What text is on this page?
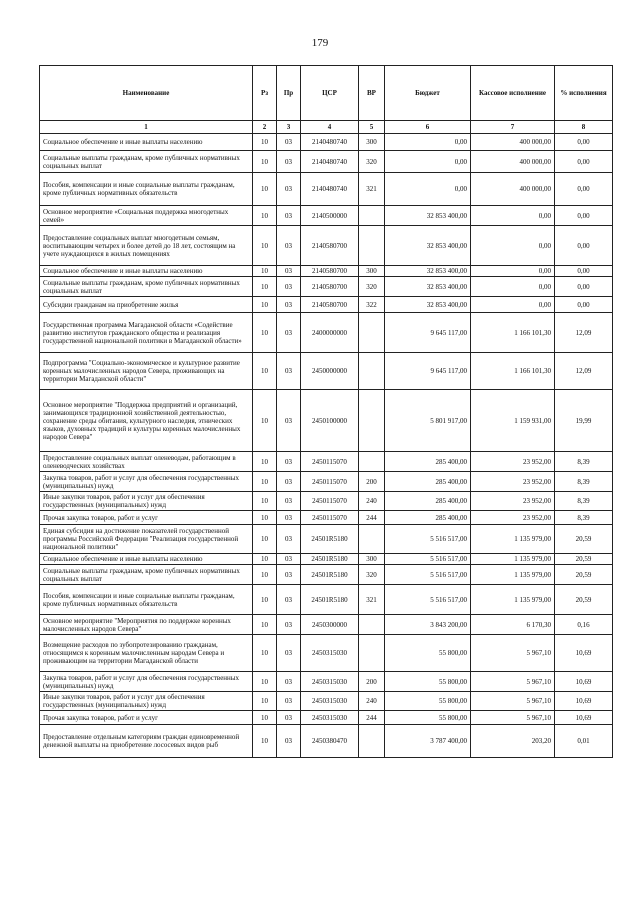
179
Наименование	Рз	Пр	ЦСР	ВР	Бюджет	Кассовое исполнение	% исполнения
1	2	3	4	5	6	7	8
Социальное обеспечение и иные выплаты населению	10	03	2140480740	300	0,00	400 000,00	0,00
Социальные выплаты гражданам, кроме публичных нормативных социальных выплат	10	03	2140480740	320	0,00	400 000,00	0,00
Пособия, компенсации и иные социальные выплаты гражданам, кроме публичных нормативных обязательств	10	03	2140480740	321	0,00	400 000,00	0,00
Основное мероприятие «Социальная поддержка многодетных семей»	10	03	2140500000		32 853 400,00	0,00	0,00
Предоставление социальных выплат многодетным семьям, воспитывающим четырех и более детей до 18 лет, состоящим на учете нуждающихся в жилых помещениях	10	03	2140580700		32 853 400,00	0,00	0,00
Социальное обеспечение и иные выплаты населению	10	03	2140580700	300	32 853 400,00	0,00	0,00
Социальные выплаты гражданам, кроме публичных нормативных социальных выплат	10	03	2140580700	320	32 853 400,00	0,00	0,00
Субсидии гражданам на приобретение жилья	10	03	2140580700	322	32 853 400,00	0,00	0,00
Государственная программа Магаданской области «Содействие развитию институтов гражданского общества и реализация государственной национальной политики в Магаданской области»	10	03	2400000000		9 645 117,00	1 166 101,30	12,09
Подпрограмма "Социально-экономическое и культурное развитие коренных малочисленных народов Севера, проживающих на территории Магаданской области"	10	03	2450000000		9 645 117,00	1 166 101,30	12,09
Основное мероприятие "Поддержка предприятий и организаций, занимающихся традиционной хозяйственной деятельностью, сохранение среды обитания, культурного наследия, этнических языков, духовных традиций и культуры коренных малочисленных народов Севера"	10	03	2450100000		5 801 917,00	1 159 931,00	19,99
Предоставление социальных выплат оленеводам, работающим в оленеводческих хозяйствах	10	03	2450115070		285 400,00	23 952,00	8,39
Закупка товаров, работ и услуг для обеспечения государственных (муниципальных) нужд	10	03	2450115070	200	285 400,00	23 952,00	8,39
Иные закупки товаров, работ и услуг для обеспечения государственных (муниципальных) нужд	10	03	2450115070	240	285 400,00	23 952,00	8,39
Прочая закупка товаров, работ и услуг	10	03	2450115070	244	285 400,00	23 952,00	8,39
Единая субсидия на достижение показателей государственной программы Российской Федерации "Реализация государственной национальной политики"	10	03	24501R5180		5 516 517,00	1 135 979,00	20,59
Социальное обеспечение и иные выплаты населению	10	03	24501R5180	300	5 516 517,00	1 135 979,00	20,59
Социальные выплаты гражданам, кроме публичных нормативных социальных выплат	10	03	24501R5180	320	5 516 517,00	1 135 979,00	20,59
Пособия, компенсации и иные социальные выплаты гражданам, кроме публичных нормативных обязательств	10	03	24501R5180	321	5 516 517,00	1 135 979,00	20,59
Основное мероприятие "Мероприятия по поддержке коренных малочисленных народов Севера"	10	03	2450300000		3 843 200,00	6 170,30	0,16
Возмещение расходов по зубопротезированию гражданам, относящимся к коренным малочисленным народам Севера и проживающим на территории Магаданской области	10	03	2450315030		55 800,00	5 967,10	10,69
Закупка товаров, работ и услуг для обеспечения государственных (муниципальных) нужд	10	03	2450315030	200	55 800,00	5 967,10	10,69
Иные закупки товаров, работ и услуг для обеспечения государственных (муниципальных) нужд	10	03	2450315030	240	55 800,00	5 967,10	10,69
Прочая закупка товаров, работ и услуг	10	03	2450315030	244	55 800,00	5 967,10	10,69
Предоставление отдельным категориям граждан единовременной денежной выплаты на приобретение лососевых видов рыб	10	03	2450380470		3 787 400,00	203,20	0,01
